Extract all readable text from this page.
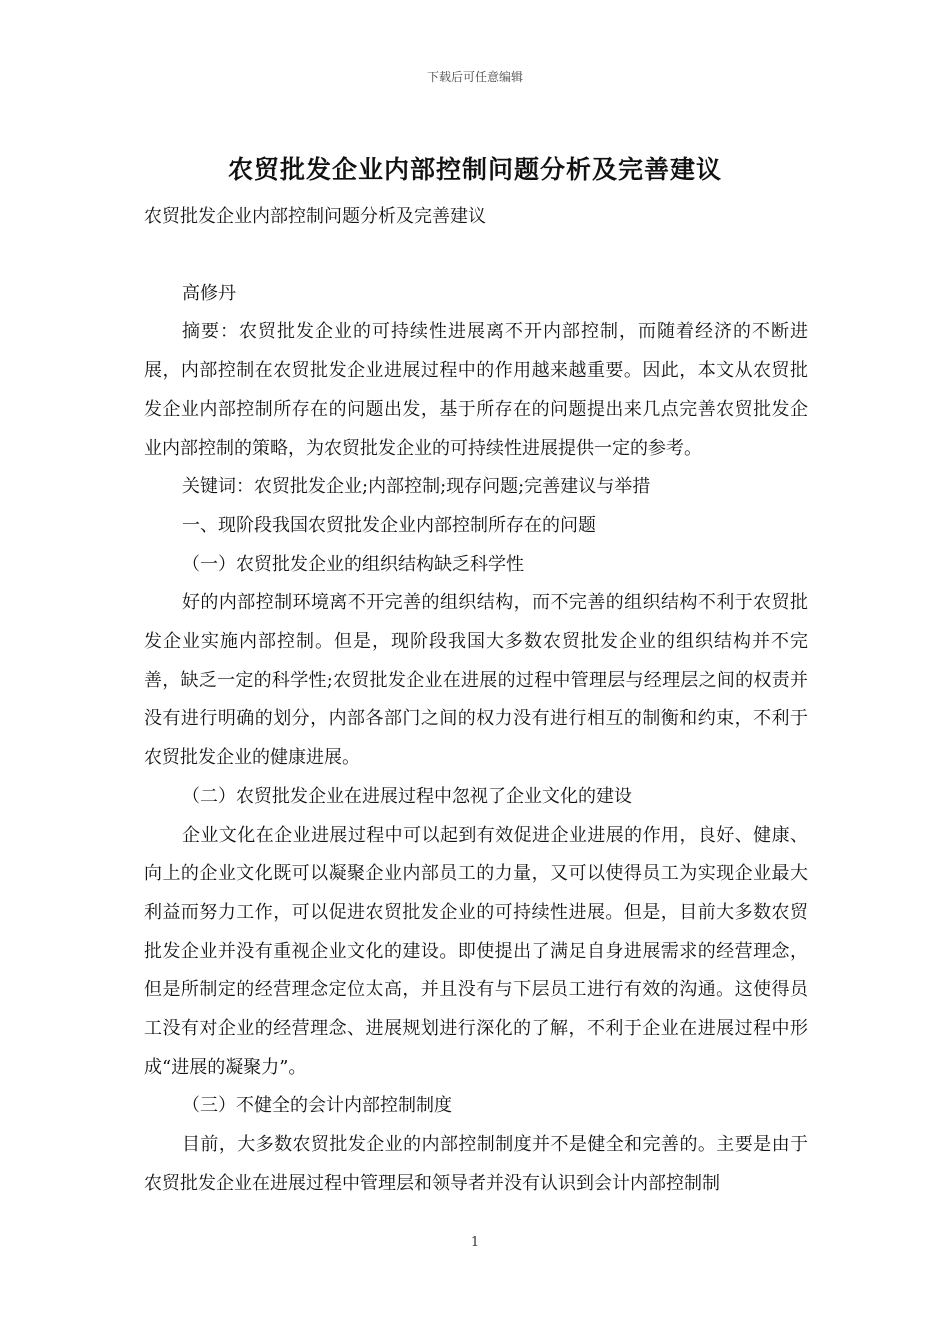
下载后可任意编辑
农贸批发企业内部控制问题分析及完善建议

农贸批发企业内部控制问题分析及完善建议

高修丹

摘要：农贸批发企业的可持续性进展离不开内部控制，而随着经济的不断进展，内部控制在农贸批发企业进展过程中的作用越来越重要。因此，本文从农贸批发企业内部控制所存在的问题出发，基于所存在的问题提出来几点完善农贸批发企业内部控制的策略，为农贸批发企业的可持续性进展提供一定的参考。

关键词：农贸批发企业;内部控制;现存问题;完善建议与举措

一、现阶段我国农贸批发企业内部控制所存在的问题

（一）农贸批发企业的组织结构缺乏科学性

好的内部控制环境离不开完善的组织结构，而不完善的组织结构不利于农贸批发企业实施内部控制。但是，现阶段我国大多数农贸批发企业的组织结构并不完善，缺乏一定的科学性;农贸批发企业在进展的过程中管理层与经理层之间的权责并没有进行明确的划分，内部各部门之间的权力没有进行相互的制衡和约束，不利于农贸批发企业的健康进展。

（二）农贸批发企业在进展过程中忽视了企业文化的建设

企业文化在企业进展过程中可以起到有效促进企业进展的作用，良好、健康、向上的企业文化既可以凝聚企业内部员工的力量，又可以使得员工为实现企业最大利益而努力工作，可以促进农贸批发企业的可持续性进展。但是，目前大多数农贸批发企业并没有重视企业文化的建设。即使提出了满足自身进展需求的经营理念，但是所制定的经营理念定位太高，并且没有与下层员工进行有效的沟通。这使得员工没有对企业的经营理念、进展规划进行深化的了解，不利于企业在进展过程中形成“进展的凝聚力”。

（三）不健全的会计内部控制制度

目前，大多数农贸批发企业的内部控制制度并不是健全和完善的。主要是由于农贸批发企业在进展过程中管理层和领导者并没有认识到会计内部控制制

1
